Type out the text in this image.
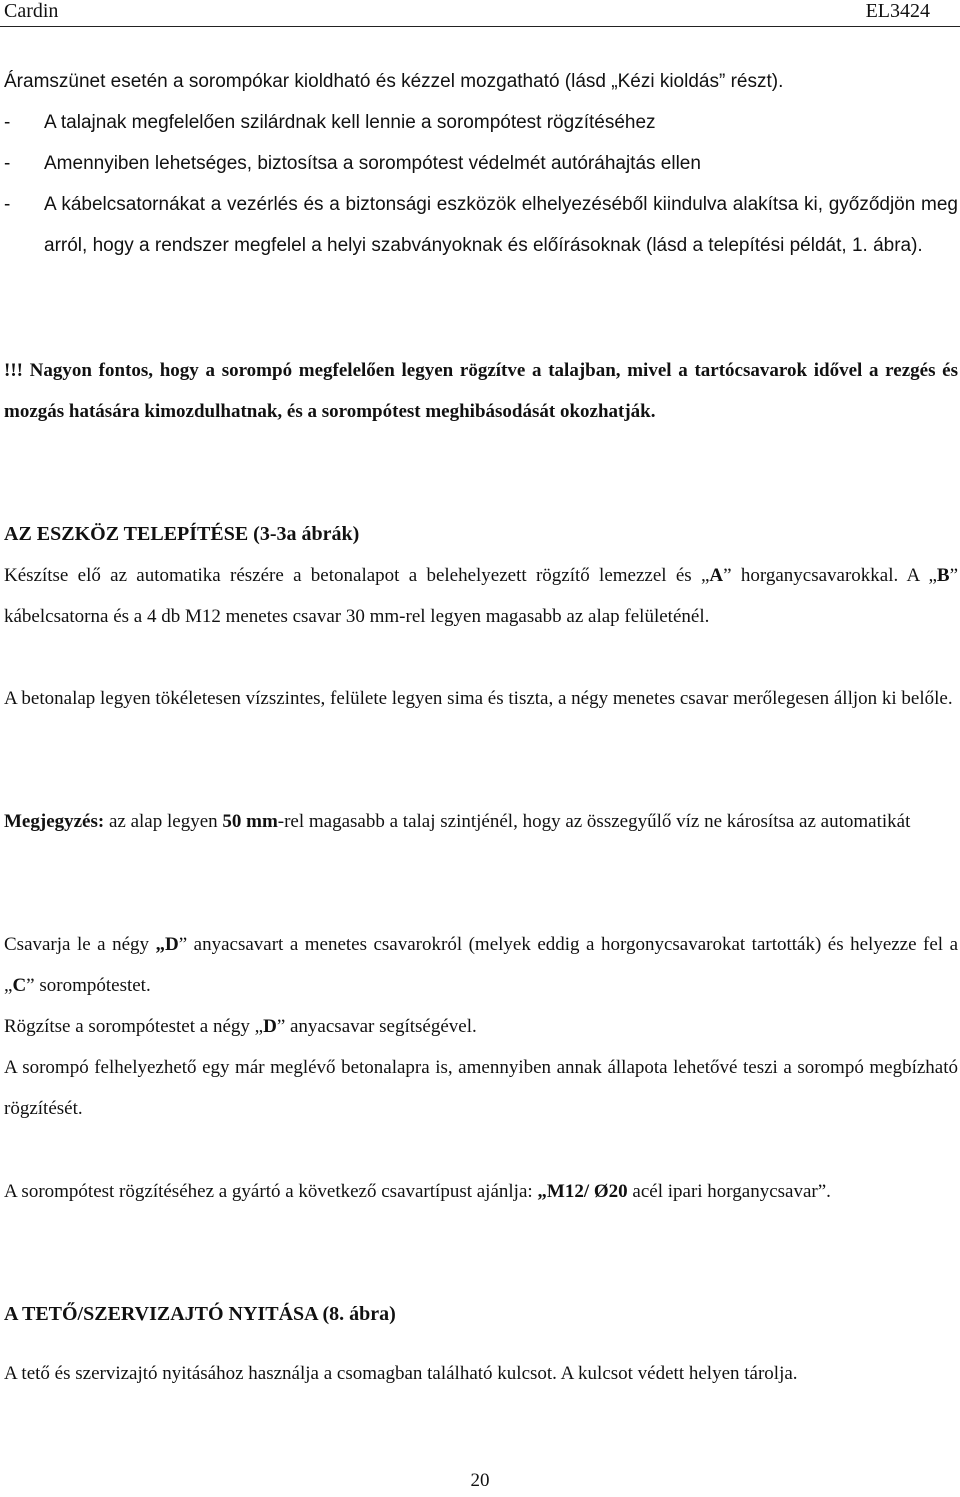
Cardin	EL3424
Áramszünet esetén a sorompókar kioldható és kézzel mozgatható (lásd „Kézi kioldás” részt).
- A talajnak megfelelően szilárdnak kell lennie a sorompótest rögzítéséhez
- Amennyiben lehetséges, biztosítsa a sorompótest védelmét autóráhajtás ellen
- A kábelcsatornákat a vezérlés és a biztonsági eszközök elhelyezéséből kiindulva alakítsa ki, győződjön meg arról, hogy a rendszer megfelel a helyi szabványoknak és előírásoknak (lásd a telepítési példát, 1. ábra).
!!! Nagyon fontos, hogy a sorompó megfelelően legyen rögzítve a talajban, mivel a tartócsavarok idővel a rezgés és mozgás hatására kimozdulhatnak, és a sorompótest meghibásodását okozhatják.
AZ ESZKÖZ TELEPÍTÉSE (3-3a ábrák)
Készítse elő az automatika részére a betonalapot a belehelyezett rögzítő lemezzel és „A” horganycsavarokkal. A „B” kábelcsatorna és a 4 db M12 menetes csavar 30 mm-rel legyen magasabb az alap felületénél.
A betonalap legyen tökéletesen vízszintes, felülete legyen sima és tiszta, a négy menetes csavar merőlegesen álljon ki belőle.
Megjegyzés: az alap legyen 50 mm-rel magasabb a talaj szintjénél, hogy az összegyűlő víz ne károsítsa az automatikát
Csavarja le a négy „D” anyacsavart a menetes csavarokról (melyek eddig a horgonycsavarokat tartották) és helyezze fel a „C” sorompótestet.
Rögzítse a sorompótestet a négy „D” anyacsavar segítségével.
A sorompó felhelyezhető egy már meglévő betonalapra is, amennyiben annak állapota lehetővé teszi a sorompó megbízható rögzítését.
A sorompótest rögzítéséhez a gyártó a következő csavartípust ajánlja: „M12/ Ø20 acél ipari horganycsavar”.
A TETŐ/SZERVIZAJTÓ NYITÁSA (8. ábra)
A tető és szervizajtó nyitásához használja a csomagban található kulcsot. A kulcsot védett helyen tárolja.
20
